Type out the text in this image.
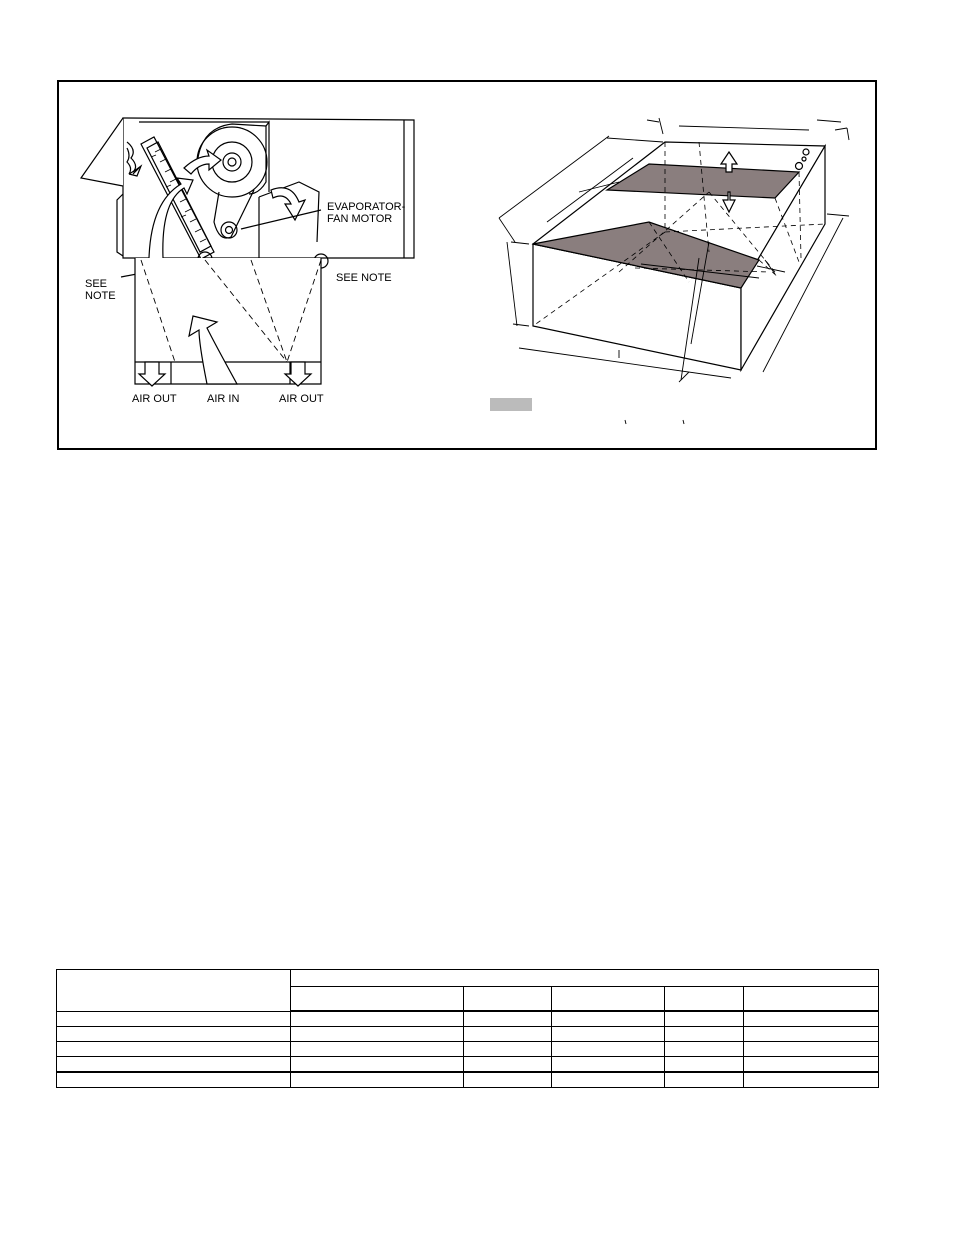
EVAPORATOR-
FAN MOTOR
SEE
NOTE
SEE NOTE
AIR OUT	AIR IN	AIR OUT
